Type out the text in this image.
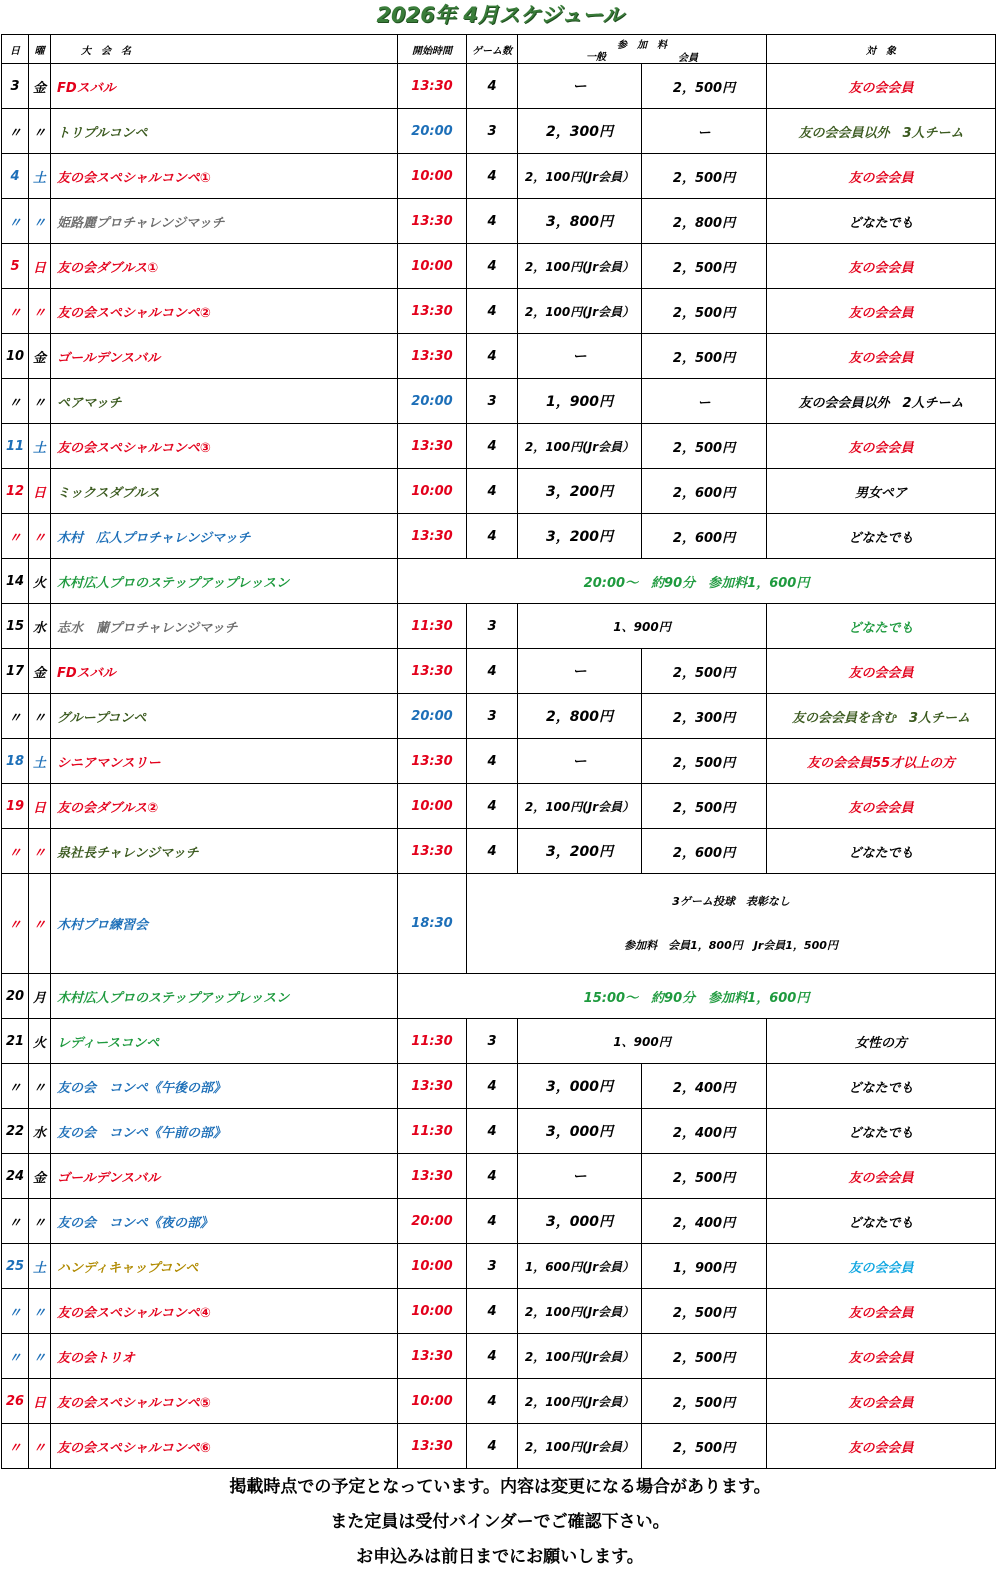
2026年 4月スケジュール
日	曜	大　会　名	開始時間	ゲーム数	参　加　料
一般 会員		対　象	
3	金	FDスバル	13:30	4	ー	2，500円	友の会会員	
〃	〃	トリプルコンペ	20:00	3	2，300円	ー	友の会会員以外　3人チーム	
4	土	友の会スペシャルコンペ①	10:00	4	2，100円(Jr会員）	2，500円	友の会会員	
〃	〃	姫路麗プロチャレンジマッチ	13:30	4	3，800円	2，800円	どなたでも	
5	日	友の会ダブルス①	10:00	4	2，100円(Jr会員）	2，500円	友の会会員	
〃	〃	友の会スペシャルコンペ②	13:30	4	2，100円(Jr会員）	2，500円	友の会会員	
10	金	ゴールデンスバル	13:30	4	ー	2，500円	友の会会員	
〃	〃	ペアマッチ	20:00	3	1，900円	ー	友の会会員以外　2人チーム	
11	土	友の会スペシャルコンペ③	13:30	4	2，100円(Jr会員）	2，500円	友の会会員	
12	日	ミックスダブルス	10:00	4	3，200円	2，600円	男女ペア	
〃	〃	木村　広人プロチャレンジマッチ	13:30	4	3，200円	2，600円	どなたでも	
14	火	木村広人プロのステップアップレッスン	20:00～　約90分　参加料1，600円	
15	水	志水　蘭プロチャレンジマッチ	11:30	3	1、900円		どなたでも	
17	金	FDスバル	13:30	4	ー	2，500円	友の会会員	
〃	〃	グループコンペ	20:00	3	2，800円	2，300円	友の会会員を含む　3人チーム	
18	土	シニアマンスリー	13:30	4	ー	2，500円	友の会会員55才以上の方	
19	日	友の会ダブルス②	10:00	4	2，100円(Jr会員）	2，500円	友の会会員	
〃	〃	泉社長チャレンジマッチ	13:30	4	3，200円	2，600円	どなたでも	
〃	〃	木村プロ練習会	18:30	3ゲーム投球　表彰なし

参加料　会員1，800円　Jr会員1，500円

20	月	木村広人プロのステップアップレッスン	15:00～　約90分　参加料1，600円	
21	火	レディースコンペ	11:30	3	1、900円		女性の方	
〃	〃	友の会　コンペ《午後の部》	13:30	4	3，000円	2，400円	どなたでも	
22	水	友の会　コンペ《午前の部》	11:30	4	3，000円	2，400円	どなたでも	
24	金	ゴールデンスバル	13:30	4	ー	2，500円	友の会会員	
〃	〃	友の会　コンペ《夜の部》	20:00	4	3，000円	2，400円	どなたでも	
25	土	ハンディキャップコンペ	10:00	3	1，600円(Jr会員）	1，900円	友の会会員	
〃	〃	友の会スペシャルコンペ④	10:00	4	2，100円(Jr会員）	2，500円	友の会会員	
〃	〃	友の会トリオ	13:30	4	2，100円(Jr会員）	2，500円	友の会会員	
26	日	友の会スペシャルコンペ⑤	10:00	4	2，100円(Jr会員）	2，500円	友の会会員	
〃	〃	友の会スペシャルコンペ⑥	13:30	4	2，100円(Jr会員）	2，500円	友の会会員	
掲載時点での予定となっています。内容は変更になる場合があります。
また定員は受付バインダーでご確認下さい。
お申込みは前日までにお願いします。
